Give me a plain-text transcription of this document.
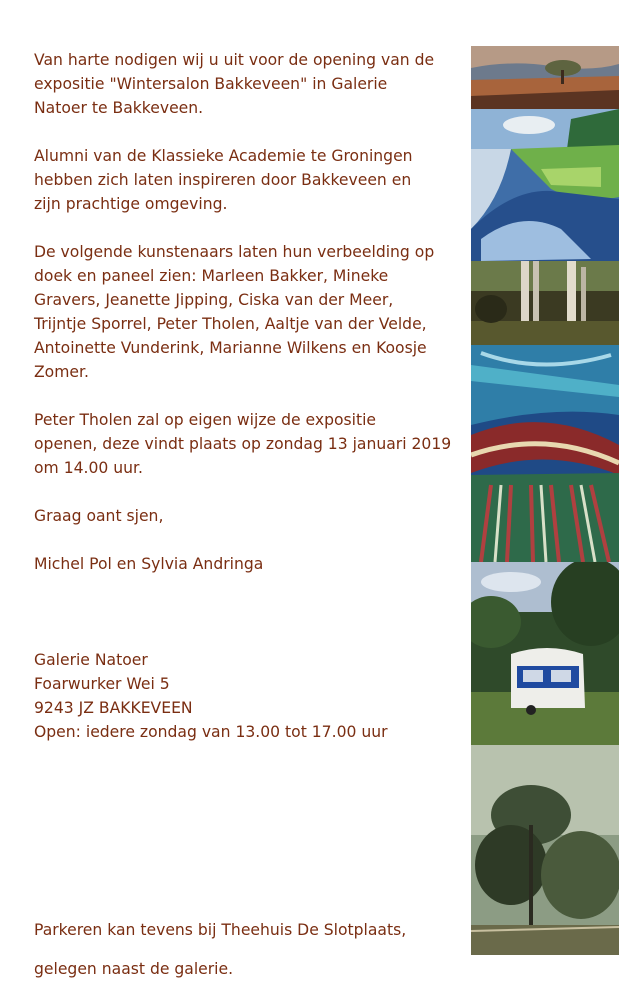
Van harte nodigen wij u uit voor de opening van de

expositie "Wintersalon Bakkeveen" in Galerie

Natoer te Bakkeveen.

Alumni van de Klassieke Academie te Groningen

hebben zich laten inspireren door Bakkeveen en

zijn prachtige omgeving.

De volgende kunstenaars laten hun verbeelding op

doek en paneel zien: Marleen Bakker, Mineke

Gravers, Jeanette Jipping, Ciska van der Meer,

Trijntje Sporrel, Peter Tholen, Aaltje van der Velde,

Antoinette Vunderink, Marianne Wilkens en Koosje

Zomer.

Peter Tholen zal op eigen wijze de expositie

openen, deze vindt plaats op zondag 13 januari 2019

om 14.00 uur.

Graag oant sjen,

Michel Pol en Sylvia Andringa

Galerie Natoer

Foarwurker Wei 5

9243 JZ BAKKEVEEN

Open: iedere zondag van 13.00 tot 17.00 uur

Parkeren kan tevens bij Theehuis De Slotplaats,

gelegen naast de galerie.
